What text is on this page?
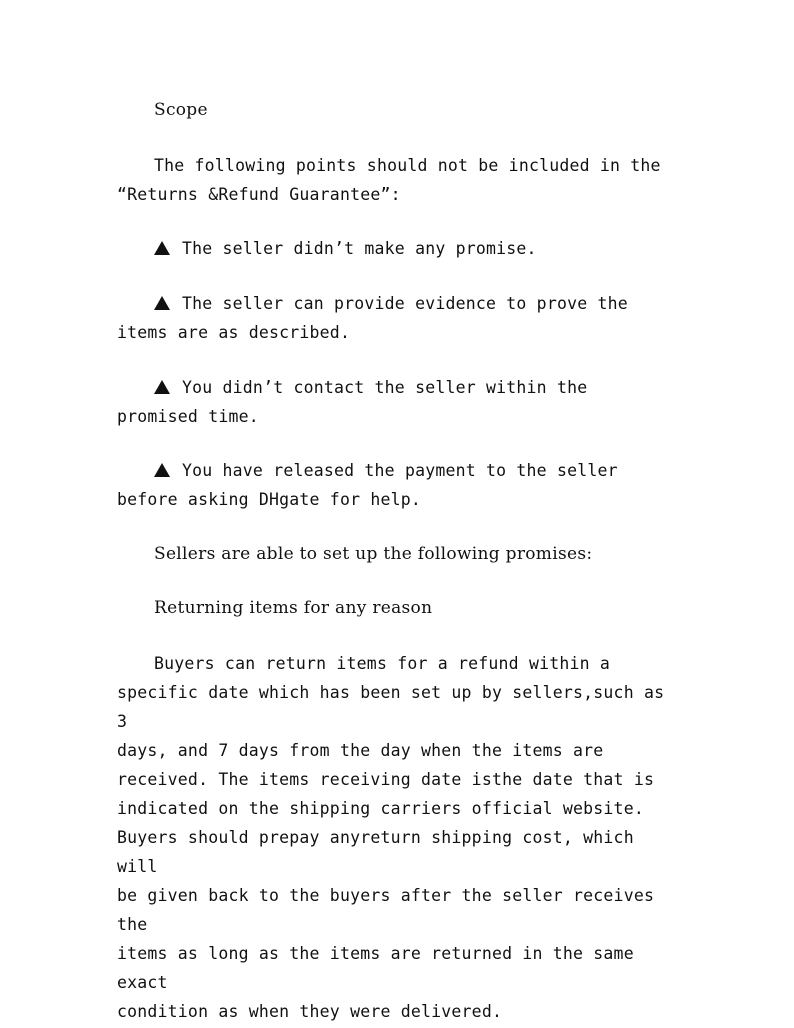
Scope
The following points should not be included in the “Returns &Refund Guarantee”:
The seller didn’t make any promise.
The seller can provide evidence to prove the items are as described.
You didn’t contact the seller within the promised time.
You have released the payment to the seller before asking DHgate for help.
Sellers are able to set up the following promises:
Returning items for any reason
Buyers can return items for a refund within a
specific date which has been set up by sellers,such as 3
days, and 7 days from the day when the items are
received. The items receiving date isthe date that is
indicated on the shipping carriers official website.
Buyers should prepay anyreturn shipping cost, which will
be given back to the buyers after the seller receives the
items as long as the items are returned in the same exact
condition as when they were delivered.
